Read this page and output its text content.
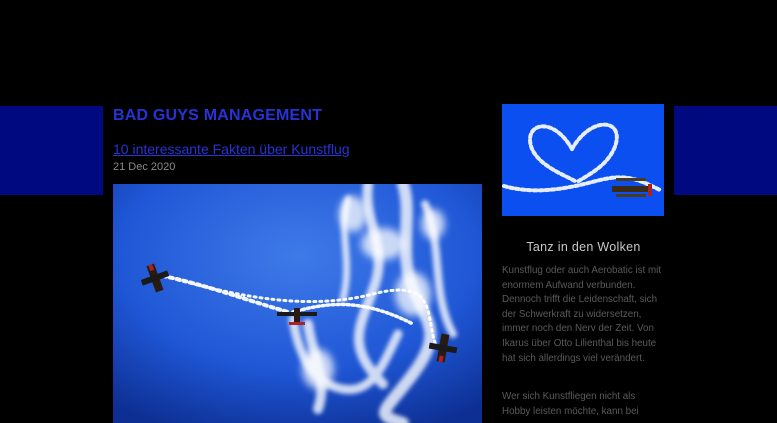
BAD GUYS MANAGEMENT
10 interessante Fakten über Kunstflug
21 Dec 2020
Tanz in den Wolken

Kunstflug oder auch Aerobatic ist mit enormem Aufwand verbunden. Dennoch trifft die Leidenschaft, sich der Schwerkraft zu widersetzen, immer noch den Nerv der Zeit. Von Ikarus über Otto Lilienthal bis heute hat sich allerdings viel verändert.

Wer sich Kunstfliegen nicht als Hobby leisten möchte, kann bei
